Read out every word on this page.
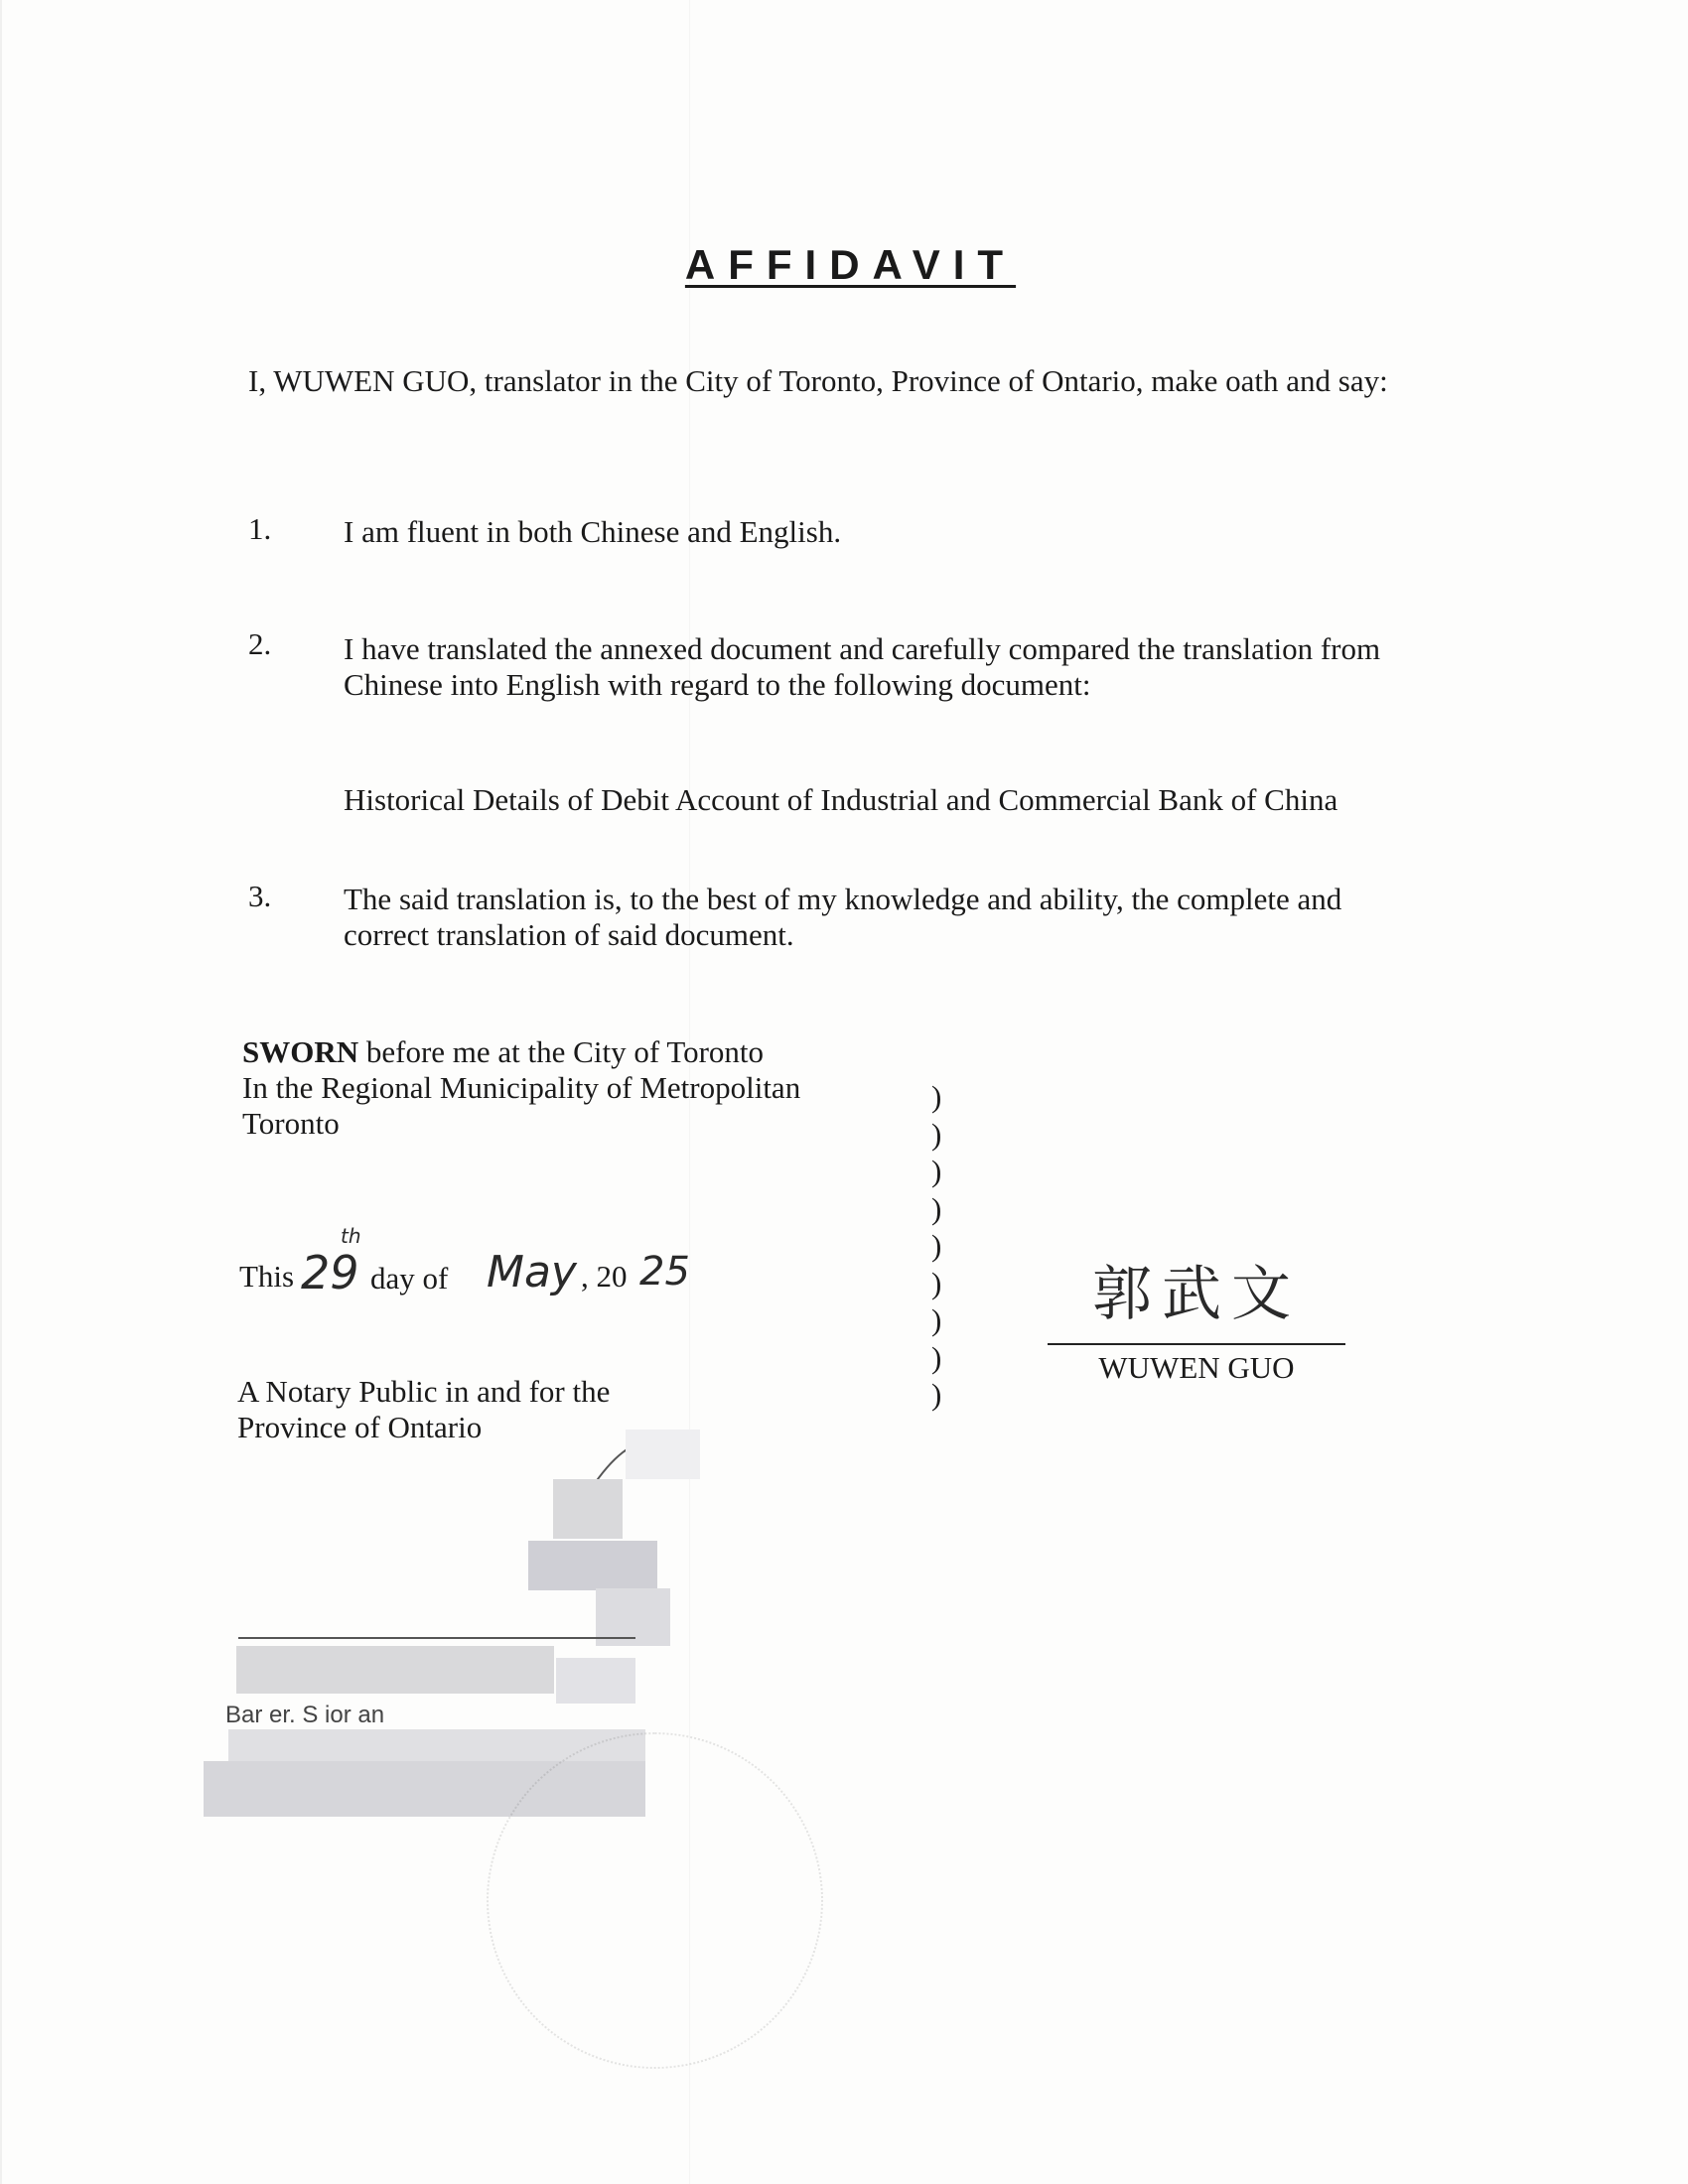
AFFIDAVIT
I, WUWEN GUO, translator in the City of Toronto, Province of Ontario, make oath and say:
1. I am fluent in both Chinese and English.
2. I have translated the annexed document and carefully compared the translation from Chinese into English with regard to the following document:
Historical Details of Debit Account of Industrial and Commercial Bank of China
3. The said translation is, to the best of my knowledge and ability, the complete and correct translation of said document.
SWORN before me at the City of Toronto
In the Regional Municipality of Metropolitan
Toronto
This 29
th
day of May , 20 25
A Notary Public in and for the
Province of Ontario
)
)
)
)
)
)
)
)
)
郭武文
WUWEN GUO
Bar er. S ior an
